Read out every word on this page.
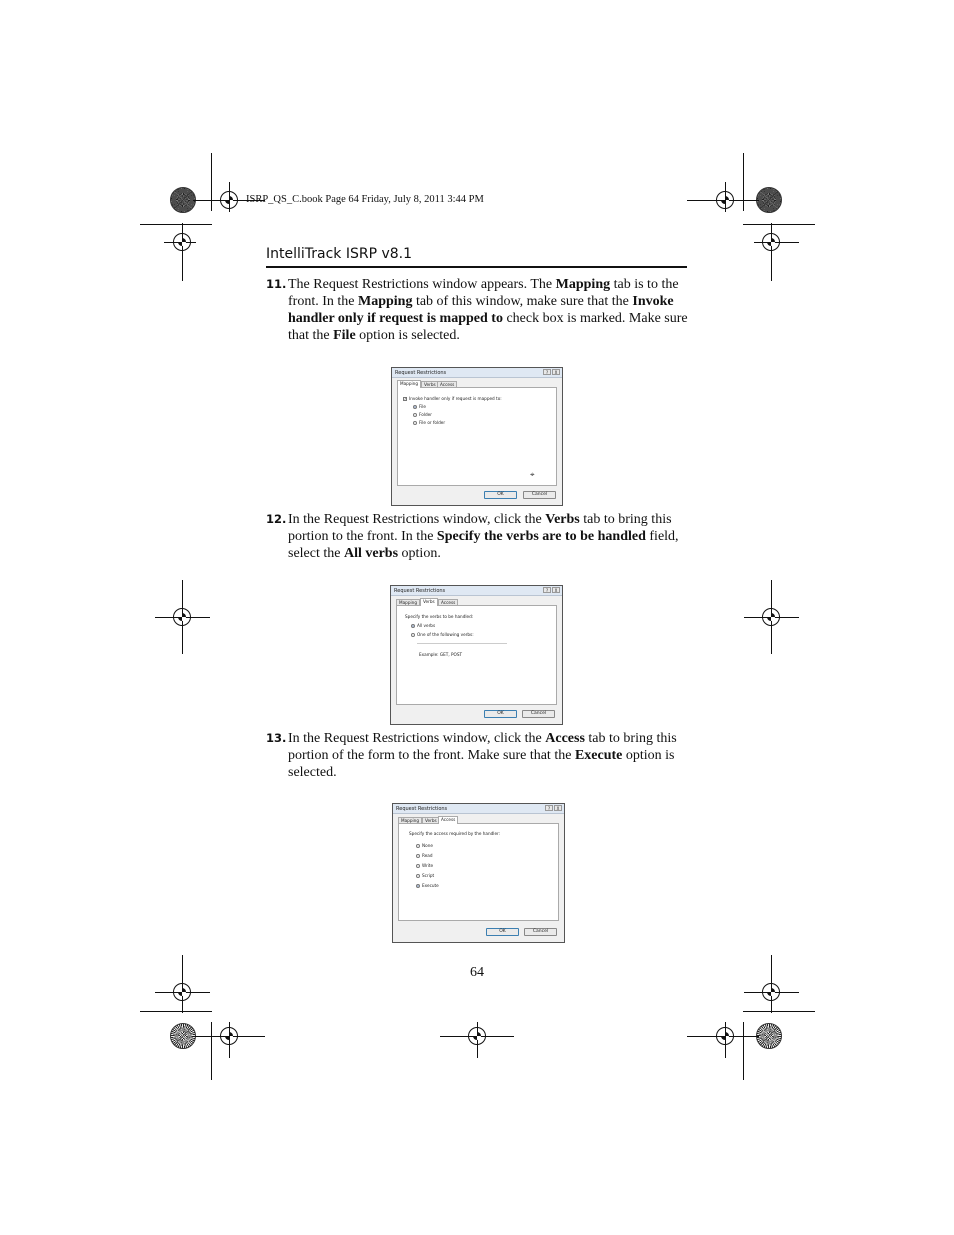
ISRP_QS_C.book Page 64 Friday, July 8, 2011 3:44 PM
IntelliTrack ISRP v8.1
11. The Request Restrictions window appears. The Mapping tab is to the front. In the Mapping tab of this window, make sure that the Invoke handler only if request is mapped to check box is marked. Make sure that the File option is selected.
Request Restrictions	?	X
Mapping	Verbs	Access
✓ Invoke handler only if request is mapped to:
File
Folder
File or folder
⌖
OK	Cancel
12. In the Request Restrictions window, click the Verbs tab to bring this portion to the front. In the Specify the verbs are to be handled field, select the All verbs option.
Request Restrictions	?	X
Mapping	Verbs	Access
Specify the verbs to be handled:
All verbs
One of the following verbs:
Example: GET, POST
OK	Cancel
13. In the Request Restrictions window, click the Access tab to bring this portion of the form to the front. Make sure that the Execute option is selected.
Request Restrictions	?	X
Mapping	Verbs	Access
Specify the access required by the handler:
None
Read
Write
Script
Execute
OK	Cancel
64
